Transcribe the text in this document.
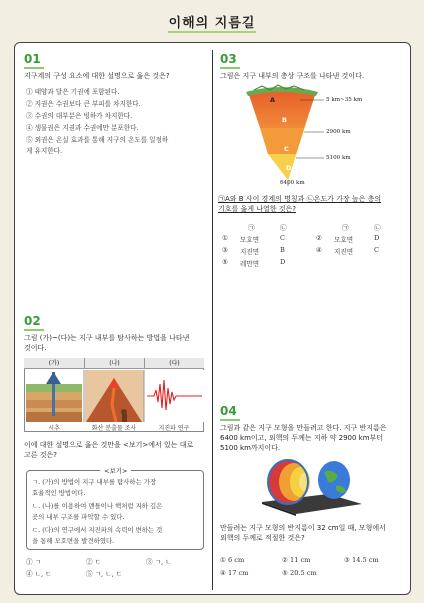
이해의 지름길
01
지구계의 구성 요소에 대한 설명으로 옳은 것은?
① 태양과 달은 기권에 포함된다.
② 지권은 수권보다 큰 부피를 차지한다.
③ 수권의 대부분은 빙하가 차지한다.
④ 생물권은 지권과 수권에만 분포한다.
⑤ 외권은 온실 효과를 통해 지구의 온도를 일정하
게 유지한다.
02
그림 (가)~(다)는 지구 내부를 탐사하는 방법을 나타낸
것이다.
(가)	(나)	(다)
시추	화산 분출물 조사	지진파 연구
이에 대한 설명으로 옳은 것만을 <보기>에서 있는 대로
고른 것은?
<보기>
ㄱ. (가)의 방법이 지구 내부를 탐사하는 가장
효율적인 방법이다.
ㄴ. (나)를 이용하여 맨틀이나 핵처럼 지하 깊은
곳의 내부 구조를 파악할 수 있다.
ㄷ. (다)의 연구에서 지진파의 속력이 변하는 것
을 통해 모호면을 발견하였다.
① ㄱ	② ㄷ	③ ㄱ, ㄴ
④ ㄴ, ㄷ	⑤ ㄱ, ㄴ, ㄷ
03
그림은 지구 내부의 층상 구조를 나타낸 것이다.
A
B
C
D
5 km~35 km
2900 km
5100 km
6400 km
㉠A와 B 사이 경계의 명칭과 ㉡온도가 가장 높은 층의
기호를 옳게 나열한 것은?
㉠	㉡	㉠	㉡
① 모호면	C	② 모호면	D
③ 지진면	B	④ 지진면	C
⑤ 레만면	D
04
그림과 같은 지구 모형을 만들려고 한다. 지구 반지름은
6400 km이고, 외핵의 두께는 지하 약 2900 km부터
5100 km까지이다.
만들려는 지구 모형의 반지름이 32 cm일 때, 모형에서
외핵의 두께로 적절한 것은?
① 6 cm	② 11 cm	③ 14.5 cm
④ 17 cm	⑤ 20.5 cm
